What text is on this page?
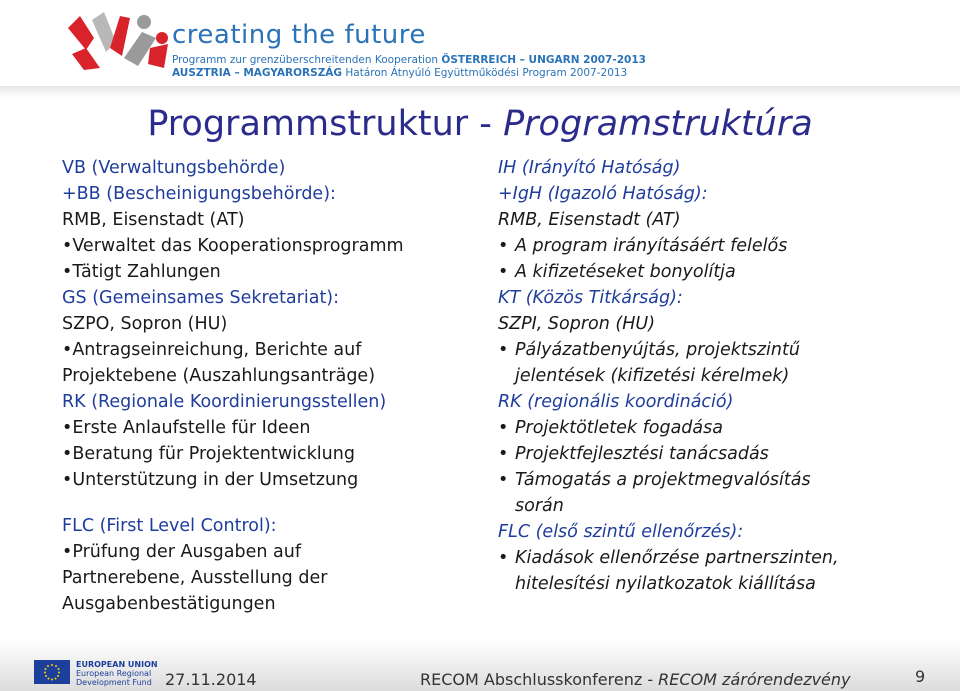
creating the future
Programm zur grenzüberschreitenden Kooperation ÖSTERREICH – UNGARN 2007-2013
AUSZTRIA – MAGYARORSZÁG Határon Átnyúló Együttműködési Program 2007-2013
Programmstruktur - Programstruktúra
VB (Verwaltungsbehörde)
+BB (Bescheinigungsbehörde):
RMB, Eisenstadt (AT)
•Verwaltet das Kooperationsprogramm
•Tätigt Zahlungen
GS (Gemeinsames Sekretariat):
SZPO, Sopron (HU)
•Antragseinreichung, Berichte auf
Projektebene (Auszahlungsanträge)
RK (Regionale Koordinierungsstellen)
•Erste Anlaufstelle für Ideen
•Beratung für Projektentwicklung
•Unterstützung in der Umsetzung
FLC (First Level Control):
•Prüfung der Ausgaben auf
Partnerebene, Ausstellung der
Ausgabenbestätigungen
IH (Irányító Hatóság)
+IgH (Igazoló Hatóság):
RMB, Eisenstadt (AT)
• A program irányításáért felelős
• A kifizetéseket bonyolítja
KT (Közös Titkárság):
SZPI, Sopron (HU)
• Pályázatbenyújtás, projektszintű
jelentések (kifizetési kérelmek)
RK (regionális koordináció)
• Projektötletek fogadása
• Projektfejlesztési tanácsadás
• Támogatás a projektmegvalósítás
során
FLC (első szintű ellenőrzés):
• Kiadások ellenőrzése partnerszinten,
hitelesítési nyilatkozatok kiállítása
EUROPEAN UNION
European Regional
Development Fund 27.11.2014	RECOM Abschlusskonferenz - RECOM zárórendezvény	9
